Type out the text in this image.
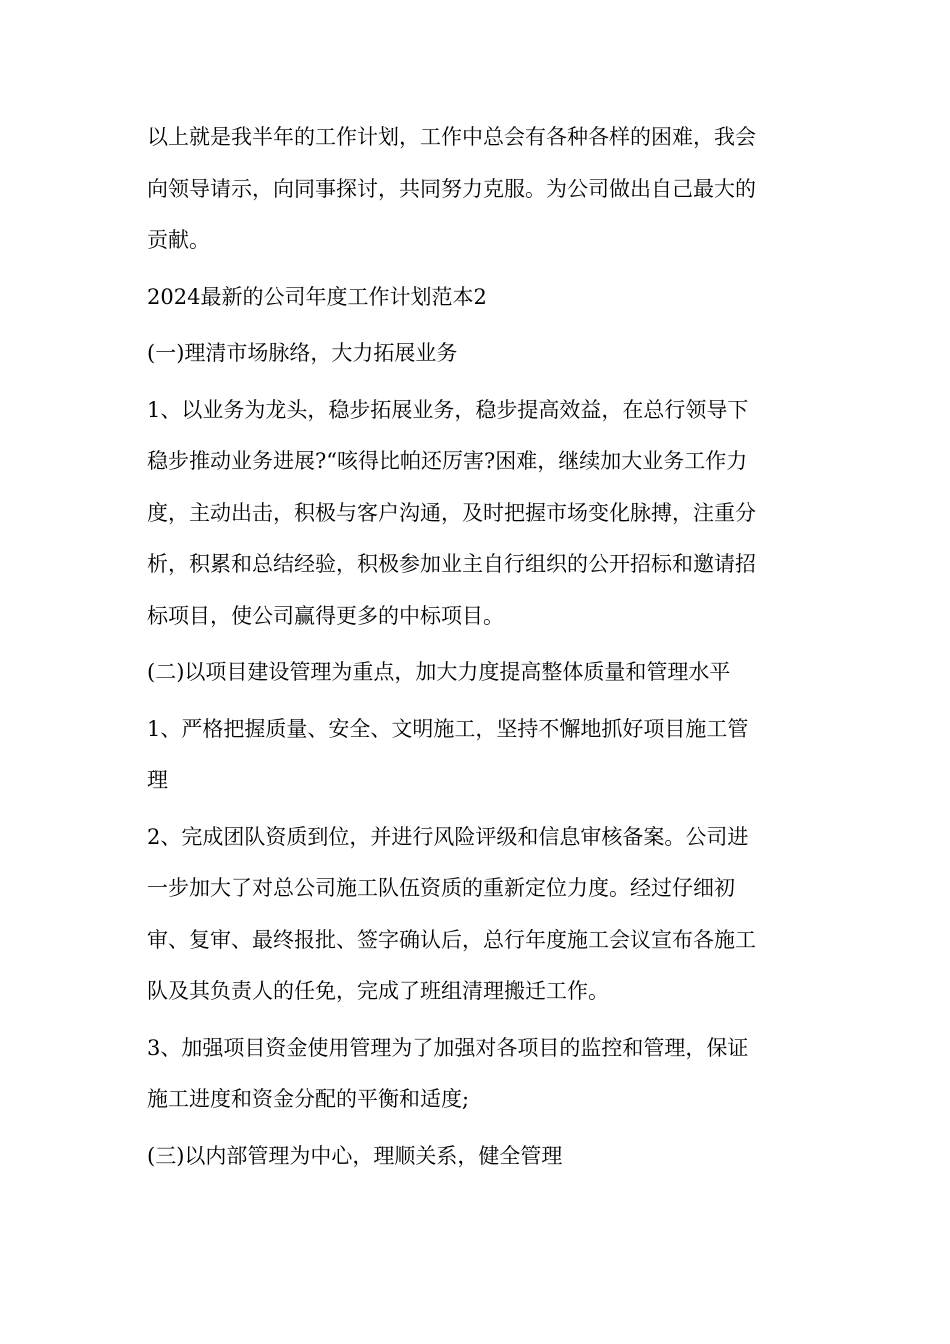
以上就是我半年的工作计划，工作中总会有各种各样的困难，我会
向领导请示，向同事探讨，共同努力克服。为公司做出自己最大的
贡献。

2024最新的公司年度工作计划范本2

(一)理清市场脉络，大力拓展业务

1、以业务为龙头，稳步拓展业务，稳步提高效益，在总行领导下
稳步推动业务进展?“咳得比帕还厉害?困难，继续加大业务工作力
度，主动出击，积极与客户沟通，及时把握市场变化脉搏，注重分
析，积累和总结经验，积极参加业主自行组织的公开招标和邀请招
标项目，使公司赢得更多的中标项目。

(二)以项目建设管理为重点，加大力度提高整体质量和管理水平

1、严格把握质量、安全、文明施工，坚持不懈地抓好项目施工管
理

2、完成团队资质到位，并进行风险评级和信息审核备案。公司进
一步加大了对总公司施工队伍资质的重新定位力度。经过仔细初
审、复审、最终报批、签字确认后，总行年度施工会议宣布各施工
队及其负责人的任免，完成了班组清理搬迁工作。

3、加强项目资金使用管理为了加强对各项目的监控和管理，保证
施工进度和资金分配的平衡和适度;

(三)以内部管理为中心，理顺关系，健全管理
